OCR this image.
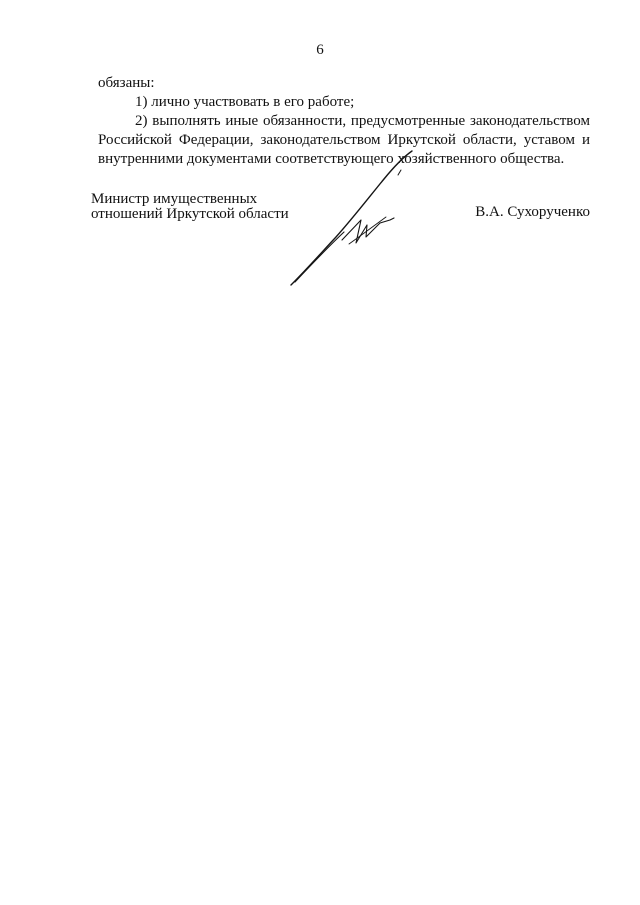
6

обязаны:

1) лично участвовать в его работе;

2) выполнять иные обязанности, предусмотренные законодательством Российской Федерации, законодательством Иркутской области, уставом и внутренними документами соответствующего хозяйственного общества.

Министр имущественных
отношений Иркутской области	В.А. Сухорученко
